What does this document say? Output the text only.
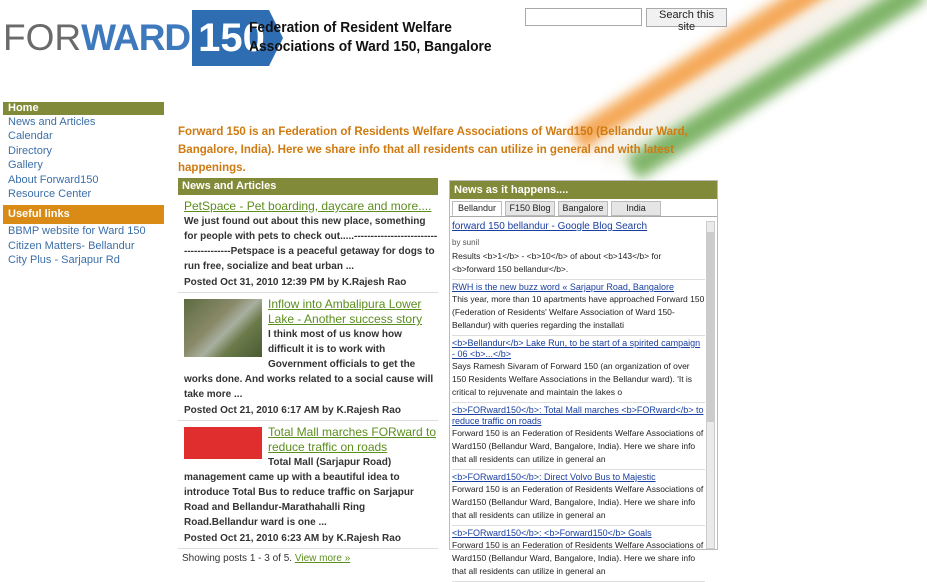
FOR WARD 150
Federation of Resident Welfare
Associations of Ward 150, Bangalore
Search this site
Home
News and Articles
Calendar
Directory
Gallery
About Forward150
Resource Center
Useful links
BBMP website for Ward 150
Citizen Matters- Bellandur
City Plus - Sarjapur Rd
Forward 150 is an Federation of Residents Welfare Associations of Ward150 (Bellandur Ward, Bangalore, India). Here we share info that all residents can utilize in general and with latest happenings.
News and Articles
PetSpace - Pet boarding, daycare and more....
We just found out about this new place, something for people with pets to check out.....---------------------------------------Petspace is a peaceful getaway for dogs to run free, socialize and beat urban ...
Posted Oct 31, 2010 12:39 PM by K.Rajesh Rao
Inflow into Ambalipura Lower Lake - Another success story
I think most of us know how difficult it is to work with Government officials to get the works done. And works related to a social cause will take more ...
Posted Oct 21, 2010 6:17 AM by K.Rajesh Rao
Total Mall marches FORward to reduce traffic on roads
Total Mall (Sarjapur Road) management came up with a beautiful idea to introduce Total Bus to reduce traffic on Sarjapur Road and Bellandur-Marathahalli Ring Road.Bellandur ward is one ...
Posted Oct 21, 2010 6:23 AM by K.Rajesh Rao
Showing posts 1 - 3 of 5. View more »
News as it happens....
Bellandur	F150 Blog	Bangalore	India
forward 150 bellandur - Google Blog Search
by sunil
Results <b>1</b> - <b>10</b> of about <b>143</b> for <b>forward 150 bellandur</b>.
RWH is the new buzz word « Sarjapur Road, Bangalore
This year, more than 10 apartments have approached Forward 150 (Federation of Residents' Welfare Association of Ward 150-Bellandur) with queries regarding the installati
<b>Bellandur</b> Lake Run, to be start of a spirited campaign - 06 <b>...</b>
Says Ramesh Sivaram of Forward 150 (an organization of over 150 Residents Welfare Associations in the Bellandur ward). 'It is critical to rejuvenate and maintain the lakes o
<b>FORward150</b>: Total Mall marches <b>FORward</b> to reduce traffic on roads
Forward 150 is an Federation of Residents Welfare Associations of Ward150 (Bellandur Ward, Bangalore, India). Here we share info that all residents can utilize in general an
<b>FORward150</b>: Direct Volvo Bus to Majestic
Forward 150 is an Federation of Residents Welfare Associations of Ward150 (Bellandur Ward, Bangalore, India). Here we share info that all residents can utilize in general an
<b>FORward150</b>: <b>Forward150</b> Goals
Forward 150 is an Federation of Residents Welfare Associations of Ward150 (Bellandur Ward, Bangalore, India). Here we share info that all residents can utilize in general an
